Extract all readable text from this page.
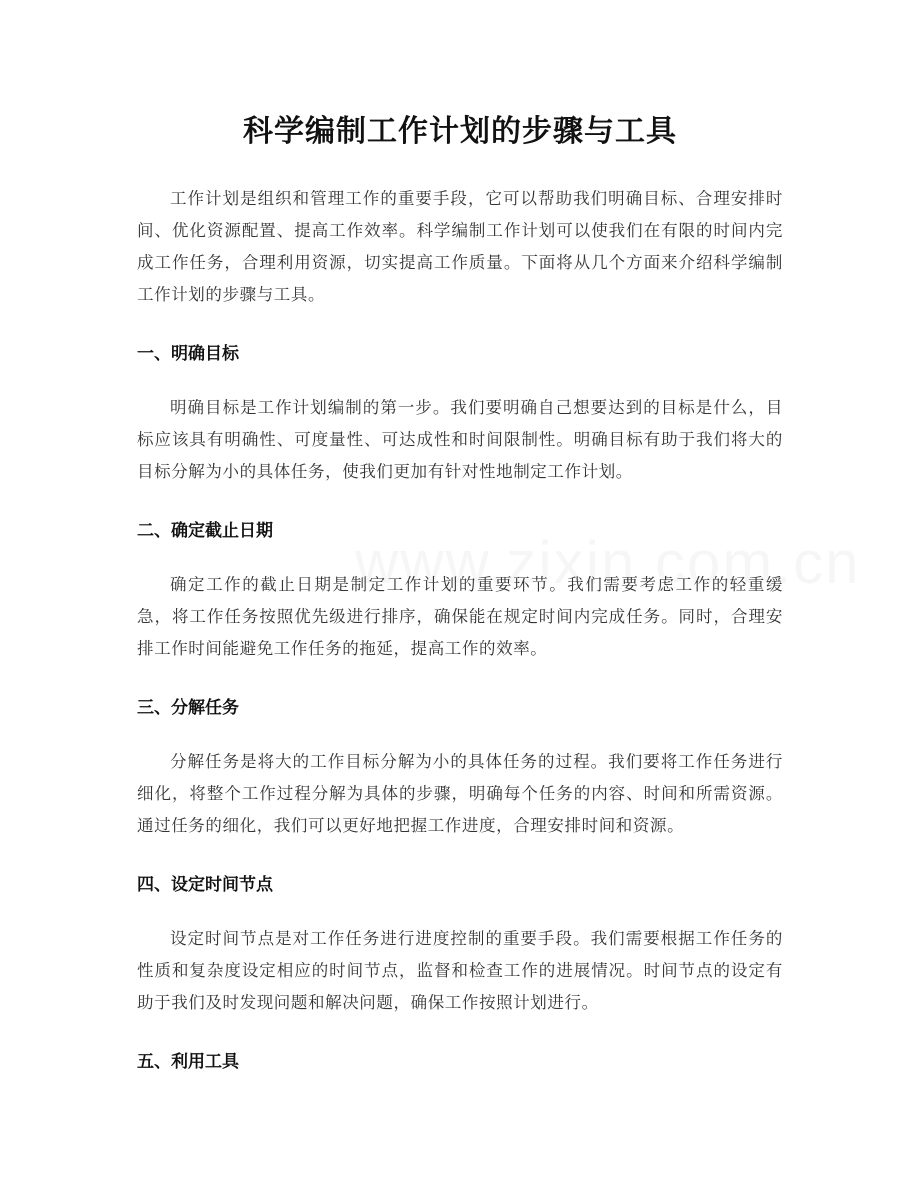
科学编制工作计划的步骤与工具

工作计划是组织和管理工作的重要手段，它可以帮助我们明确目标、合理安排时间、优化资源配置、提高工作效率。科学编制工作计划可以使我们在有限的时间内完成工作任务，合理利用资源，切实提高工作质量。下面将从几个方面来介绍科学编制工作计划的步骤与工具。

一、明确目标

明确目标是工作计划编制的第一步。我们要明确自己想要达到的目标是什么，目标应该具有明确性、可度量性、可达成性和时间限制性。明确目标有助于我们将大的目标分解为小的具体任务，使我们更加有针对性地制定工作计划。

二、确定截止日期

确定工作的截止日期是制定工作计划的重要环节。我们需要考虑工作的轻重缓急，将工作任务按照优先级进行排序，确保能在规定时间内完成任务。同时，合理安排工作时间能避免工作任务的拖延，提高工作的效率。

三、分解任务

分解任务是将大的工作目标分解为小的具体任务的过程。我们要将工作任务进行细化，将整个工作过程分解为具体的步骤，明确每个任务的内容、时间和所需资源。通过任务的细化，我们可以更好地把握工作进度，合理安排时间和资源。

四、设定时间节点

设定时间节点是对工作任务进行进度控制的重要手段。我们需要根据工作任务的性质和复杂度设定相应的时间节点，监督和检查工作的进展情况。时间节点的设定有助于我们及时发现问题和解决问题，确保工作按照计划进行。

五、利用工具
